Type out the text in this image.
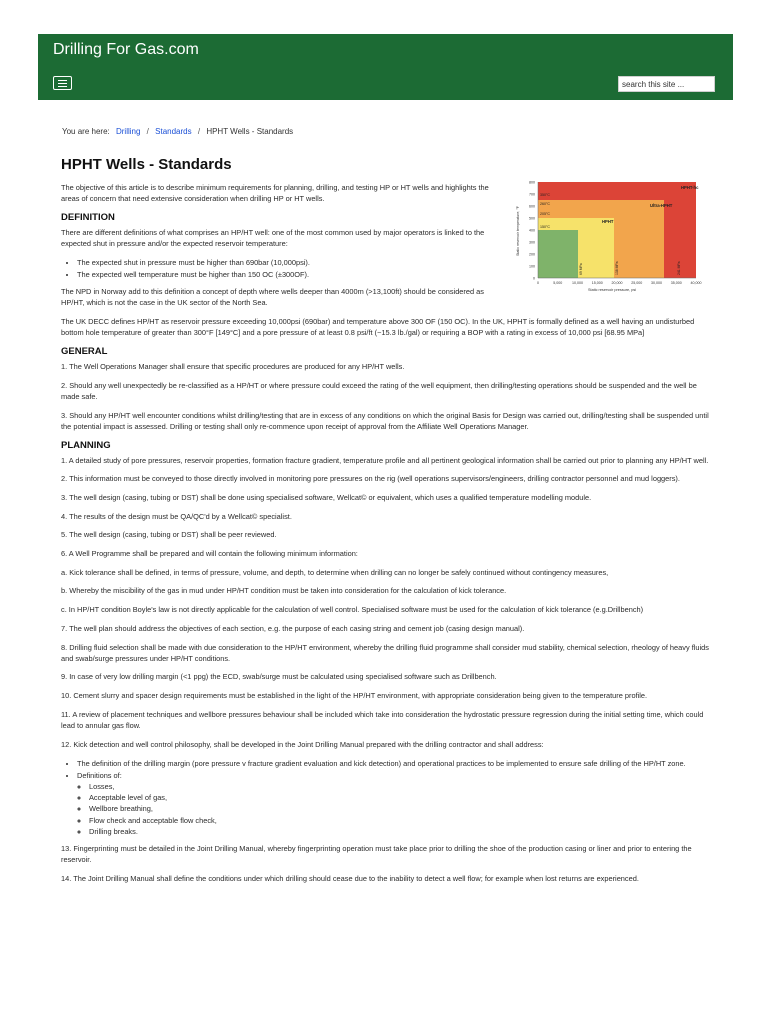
Drilling For Gas.com
search this site ...
You are here: Drilling / Standards / HPHT Wells - Standards
HPHT-hc
Ultra-HPHT
HPHT
350°C
260°C
205°C
150°C
69 MPa	138 MPa	241 MPa
0
100
200
300
400
500
600
700
800
0	5,000	10,000 15,000 20,000 25,000 30,000 35,000 40,000
Static reservoir temperature, °F
Static reservoir pressure, psi
HPHT Wells - Standards

The objective of this article is to describe minimum requirements for planning, drilling, and testing HP or HT wells and highlights the areas of concern that need extensive consideration when drilling HP or HT wells.

DEFINITION

There are different definitions of what comprises an HP/HT well: one of the most common used by major operators is linked to the expected shut in pressure and/or the expected reservoir temperature:

• The expected shut in pressure must be higher than 690bar (10,000psi).
• The expected well temperature must be higher than 150 OC (±300OF).

The NPD in Norway add to this definition a concept of depth where wells deeper than 4000m (>13,100ft) should be considered as HP/HT, which is not the case in the UK sector of the North Sea.

The UK DECC defines HP/HT as reservoir pressure exceeding 10,000psi (690bar) and temperature above 300 OF (150 OC). In the UK, HPHT is formally defined as a well having an undisturbed bottom hole temperature of greater than 300°F [149°C] and a pore pressure of at least 0.8 psi/ft (~15.3 lb./gal) or requiring a BOP with a rating in excess of 10,000 psi [68.95 MPa]

GENERAL

1. The Well Operations Manager shall ensure that specific procedures are produced for any HP/HT wells.

2. Should any well unexpectedly be re-classified as a HP/HT or where pressure could exceed the rating of the well equipment, then drilling/testing operations should be suspended and the well be made safe.

3. Should any HP/HT well encounter conditions whilst drilling/testing that are in excess of any conditions on which the original Basis for Design was carried out, drilling/testing shall be suspended until the potential impact is assessed. Drilling or testing shall only re-commence upon receipt of approval from the Affiliate Well Operations Manager.

PLANNING

1. A detailed study of pore pressures, reservoir properties, formation fracture gradient, temperature profile and all pertinent geological information shall be carried out prior to planning any HP/HT well.

2. This information must be conveyed to those directly involved in monitoring pore pressures on the rig (well operations supervisors/engineers, drilling contractor personnel and mud loggers).

3. The well design (casing, tubing or DST) shall be done using specialised software, Wellcat© or equivalent, which uses a qualified temperature modelling module.

4. The results of the design must be QA/QC'd by a Wellcat© specialist.

5. The well design (casing, tubing or DST) shall be peer reviewed.

6. A Well Programme shall be prepared and will contain the following minimum information:

a. Kick tolerance shall be defined, in terms of pressure, volume, and depth, to determine when drilling can no longer be safely continued without contingency measures,

b. Whereby the miscibility of the gas in mud under HP/HT condition must be taken into consideration for the calculation of kick tolerance.

c. In HP/HT condition Boyle's law is not directly applicable for the calculation of well control. Specialised software must be used for the calculation of kick tolerance (e.g.Drillbench)

7. The well plan should address the objectives of each section, e.g. the purpose of each casing string and cement job (casing design manual).

8. Drilling fluid selection shall be made with due consideration to the HP/HT environment, whereby the drilling fluid programme shall consider mud stability, chemical selection, rheology of heavy fluids and swab/surge pressures under HP/HT conditions.

9. In case of very low drilling margin (<1 ppg) the ECD, swab/surge must be calculated using specialised software such as Drillbench.

10. Cement slurry and spacer design requirements must be established in the light of the HP/HT environment, with appropriate consideration being given to the temperature profile.

11. A review of placement techniques and wellbore pressures behaviour shall be included which take into consideration the hydrostatic pressure regression during the initial setting time, which could lead to annular gas flow.

12. Kick detection and well control philosophy, shall be developed in the Joint Drilling Manual prepared with the drilling contractor and shall address:

• The definition of the drilling margin (pore pressure v fracture gradient evaluation and kick detection) and operational practices to be implemented to ensure safe drilling of the HP/HT zone.
• Definitions of:
◦ Losses,
◦ Acceptable level of gas,
◦ Wellbore breathing,
◦ Flow check and acceptable flow check,
◦ Drilling breaks.

13. Fingerprinting must be detailed in the Joint Drilling Manual, whereby fingerprinting operation must take place prior to drilling the shoe of the production casing or liner and prior to entering the reservoir.

14. The Joint Drilling Manual shall define the conditions under which drilling should cease due to the inability to detect a well flow; for example when lost returns are experienced.
